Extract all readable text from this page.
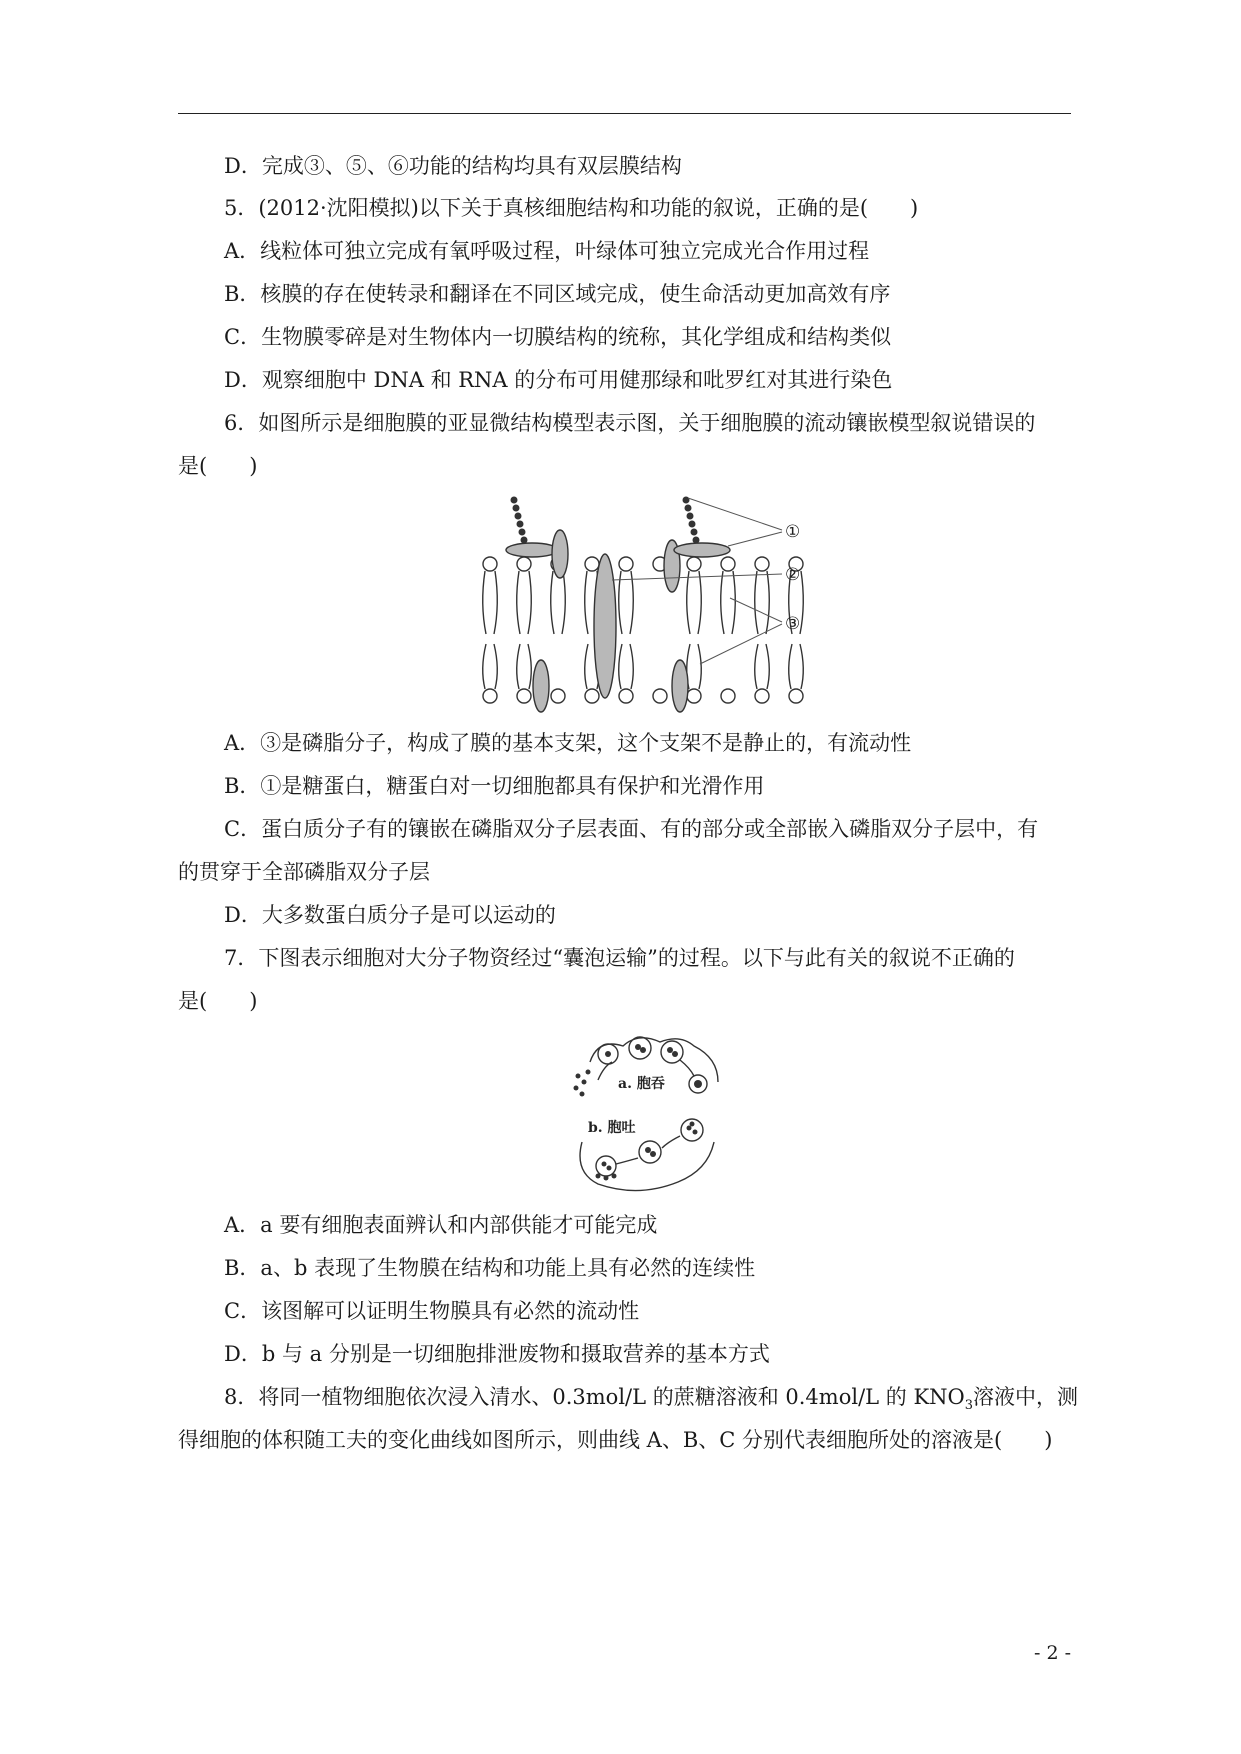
D．完成③、⑤、⑥功能的结构均具有双层膜结构
5．(2012·沈阳模拟)以下关于真核细胞结构和功能的叙说，正确的是(　　)
A．线粒体可独立完成有氧呼吸过程，叶绿体可独立完成光合作用过程
B．核膜的存在使转录和翻译在不同区域完成，使生命活动更加高效有序
C．生物膜零碎是对生物体内一切膜结构的统称，其化学组成和结构类似
D．观察细胞中 DNA 和 RNA 的分布可用健那绿和吡罗红对其进行染色
6．如图所示是细胞膜的亚显微结构模型表示图，关于细胞膜的流动镶嵌模型叙说错误的
是(　　)
①
②
③
A．③是磷脂分子，构成了膜的基本支架，这个支架不是静止的，有流动性
B．①是糖蛋白，糖蛋白对一切细胞都具有保护和光滑作用
C．蛋白质分子有的镶嵌在磷脂双分子层表面、有的部分或全部嵌入磷脂双分子层中，有
的贯穿于全部磷脂双分子层
D．大多数蛋白质分子是可以运动的
7．下图表示细胞对大分子物资经过“囊泡运输”的过程。以下与此有关的叙说不正确的
是(　　)
a. 胞吞
b. 胞吐
A．a 要有细胞表面辨认和内部供能才可能完成
B．a、b 表现了生物膜在结构和功能上具有必然的连续性
C．该图解可以证明生物膜具有必然的流动性
D．b 与 a 分别是一切细胞排泄废物和摄取营养的基本方式
8．将同一植物细胞依次浸入清水、0.3mol/L 的蔗糖溶液和 0.4mol/L 的 $KNO_3$溶液中，测
得细胞的体积随工夫的变化曲线如图所示，则曲线 A、B、C 分别代表细胞所处的溶液是(　　)
- 2 -
